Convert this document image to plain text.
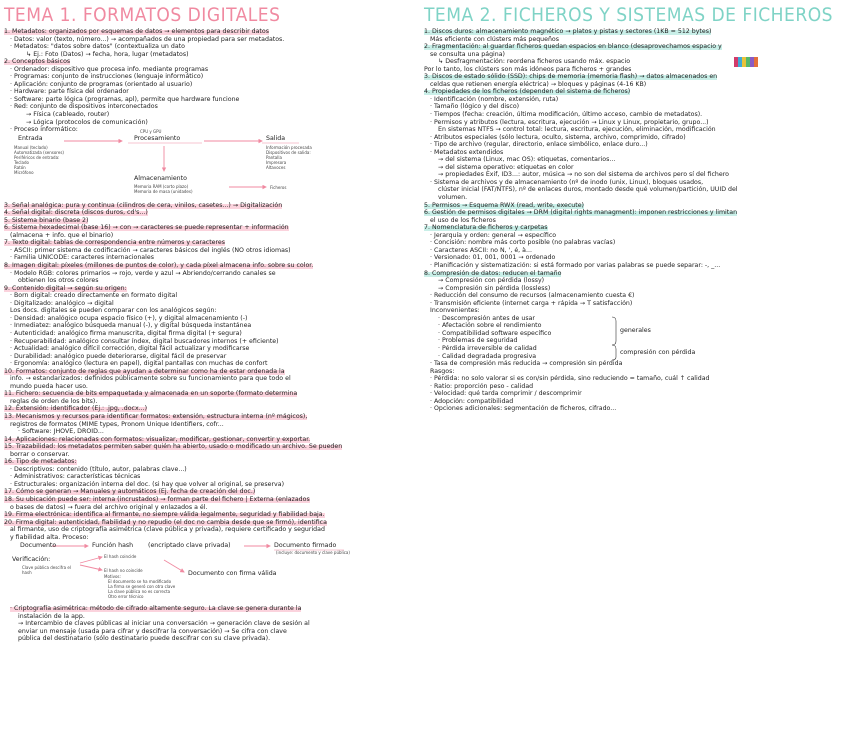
TEMA 1. FORMATOS DIGITALES
1. Metadatos: organizados por esquemas de datos → elementos para describir datos
· Datos: valor (texto, número...) → acompañados de una propiedad para ser metadatos.
· Metadatos: "datos sobre datos" (contextualiza un dato
↳ Ej.: Foto (Datos) → fecha, hora, lugar (metadatos)
2. Conceptos básicos
· Ordenador: dispositivo que procesa info. mediante programas
· Programas: conjunto de instrucciones (lenguaje informático)
· Aplicación: conjunto de programas (orientado al usuario)
· Hardware: parte física del ordenador
· Software: parte lógica (programas, apl), permite que hardware funcione
· Red: conjunto de dispositivos interconectados
→ Física (cableado, router)
→ Lógica (protocolos de comunicación)
· Proceso informático:
Entrada	Procesamiento	Salida
CPU y GPU
Manual (teclado)
Automatizada (sensores)
Periféricos de entrada:
Teclado
Ratón
Micrófono
Información procesada
Dispositivos de salida:
Pantalla
Impresora
Altavoces
Almacenamiento
Memoria RAM (corto plazo)
Memoria de masa (unidades)
Ficheros
3. Señal analógica: pura y continua (cilindros de cera, vinilos, casetes...) → Digitalización
4. Señal digital: discreta (discos duros, cd's...)
5. Sistema binario (base 2)
6. Sistema hexadecimal (base 16) → con → caracteres se puede representar + información
(almacena + info. que el binario)
7. Texto digital: tablas de correspondencia entre números y caracteres
· ASCII: primer sistema de codificación → caracteres básicos del inglés (NO otros idiomas)
· Familia UNICODE: caracteres internacionales
8. Imagen digital: píxeles (millones de puntos de color), y cada píxel almacena info. sobre su color.
· Modelo RGB: colores primarios → rojo, verde y azul → Abriendo/cerrando canales se
obtienen los otros colores
9. Contenido digital → según su origen:
· Born digital: creado directamente en formato digital
· Digitalizado: analógico → digital
Los docs. digitales se pueden comparar con los analógicos según:
· Densidad: analógico ocupa espacio físico (+), y digital almacenamiento (-)
· Inmediatez: analógico búsqueda manual (-), y digital búsqueda instantánea
· Autenticidad: analógico firma manuscrita, digital firma digital (+ segura)
· Recuperabilidad: analógico consultar índex, digital buscadores internos (+ eficiente)
· Actualidad: analógico difícil corrección, digital fácil actualizar y modificarse
· Durabilidad: analógico puede deteriorarse, digital fácil de preservar
· Ergonomía: analógico (lectura en papel), digital pantallas con muchas de confort
10. Formatos: conjunto de reglas que ayudan a determinar como ha de estar ordenada la
info. → estandarizados: definidos públicamente sobre su funcionamiento para que todo el
mundo pueda hacer uso.
11. Fichero: secuencia de bits empaquetada y almacenada en un soporte (formato determina
reglas de orden de los bits).
12. Extensión: identificador (Ej.: .jpg, .docx...)
13. Mecanismos y recursos para identificar formatos: extensión, estructura interna (nº mágicos),
registros de formatos (MIME types, Pronom Unique Identifiers, cofr...
· Software: JHOVE, DROID...
14. Aplicaciones: relacionadas con formatos: visualizar, modificar, gestionar, convertir y exportar.
15. Trazabilidad: los metadatos permiten saber quién ha abierto, usado o modificado un archivo. Se pueden
borrar o conservar.
16. Tipo de metadatos:
· Descriptivos: contenido (título, autor, palabras clave...)
· Administrativos: características técnicas
· Estructurales: organización interna del doc. (si hay que volver al original, se preserva)
17. Cómo se generan → Manuales y automáticos (Ej. fecha de creación del doc.)
18. Su ubicación puede ser: interna (incrustados) → forman parte del fichero | Externa (enlazados
o bases de datos) → fuera del archivo original y enlazados a él.
19. Firma electrónica: identifica al firmante, no siempre válida legalmente, seguridad y fiabilidad baja.
20. Firma digital: autenticidad, fiabilidad y no repudio (el doc no cambia desde que se firmó), identifica
al firmante, uso de criptografía asimétrica (clave pública y privada), requiere certificado y seguridad
y fiabilidad alta. Proceso:
Documento	Función hash (encriptado clave privada)	Documento firmado
(incluye: documento y clave pública)
Verificación:
Clave pública descifra el hash
El hash coincide
El hash no coincide
Motivos:
El documento se ha modificado
La firma se generó con otra clave
La clave pública no es correcta
Otro error técnico
Documento con firma válida
· Criptografía asimétrica: método de cifrado altamente seguro. La clave se genera durante la
instalación de la app.
→ Intercambio de claves públicas al iniciar una conversación → generación clave de sesión al
enviar un mensaje (usada para cifrar y descifrar la conversación) → Se cifra con clave
pública del destinatario (sólo destinatario puede descifrar con su clave privada).
TEMA 2. FICHEROS Y SISTEMAS DE FICHEROS
1. Discos duros: almacenamiento magnético → platos y pistas y sectores (1KB = 512 bytes)
Más eficiente con clústers más pequeños
2. Fragmentación: al guardar ficheros quedan espacios en blanco (desaprovechamos espacio y
se consulta una página)
↳ Desfragmentación: reordena ficheros usando máx. espacio
Por lo tanto, los clústers son más idóneos para ficheros + grandes
3. Discos de estado sólido (SSD): chips de memoria (memoria flash) → datos almacenados en
celdas que retienen energía eléctrica) → bloques y páginas (4-16 KB)
4. Propiedades de los ficheros (dependen del sistema de ficheros)
· Identificación (nombre, extensión, ruta)
· Tamaño (lógico y del disco)
· Tiempos (fecha: creación, última modificación, último acceso, cambio de metadatos).
· Permisos y atributos (lectura, escritura, ejecución → Linux y Linux, propietario, grupo...)
En sistemas NTFS → control total: lectura, escritura, ejecución, eliminación, modificación
· Atributos especiales (sólo lectura, oculto, sistema, archivo, comprimido, cifrado)
· Tipo de archivo (regular, directorio, enlace simbólico, enlace duro...)
· Metadatos extendidos
→ del sistema (Linux, mac OS): etiquetas, comentarios...
→ del sistema operativo: etiquetas en color
→ propiedades Exif, ID3...: autor, música → no son del sistema de archivos pero sí del fichero
· Sistema de archivos y de almacenamiento (nº de inodo (unix, Linux), bloques usados,
clúster inicial (FAT/NTFS), nº de enlaces duros, montado desde qué volumen/partición, UUID del
volumen.
5. Permisos → Esquema RWX (read, write, execute)
6. Gestión de permisos digitales → DRM (digital rights managment): imponen restricciones y limitan
el uso de los ficheros
7. Nomenclatura de ficheros y carpetas
· Jerarquía y orden: general → específico
· Concisión: nombre más corto posible (no palabras vacías)
· Caracteres ASCII: no Ñ, ', é, à...
· Versionado: 01, 001, 0001 → ordenado
· Planificación y sistematización: si está formado por varias palabras se puede separar: -, _...
8. Compresión de datos: reducen el tamaño
→ Compresión con pérdida (lossy)
→ Compresión sin pérdida (lossless)
· Reducción del consumo de recursos (almacenamiento cuesta €)
· Transmisión eficiente (internet carga + rápida → T satisfacción)
Inconvenientes:
· Descompresión antes de usar
· Afectación sobre el rendimiento
· Compatibilidad software específico
· Problemas de seguridad
· Pérdida irreversible de calidad
· Calidad degradada progresiva
generales
compresión con pérdida
· Tasa de compresión más reducida → compresión sin pérdida
Rasgos:
· Pérdida: no solo valorar si es con/sin pérdida, sino reduciendo = tamaño, cuál ↑ calidad
· Ratio: proporción peso - calidad
· Velocidad: qué tarda comprimir / descomprimir
· Adopción: compatibilidad
· Opciones adicionales: segmentación de ficheros, cifrado...
